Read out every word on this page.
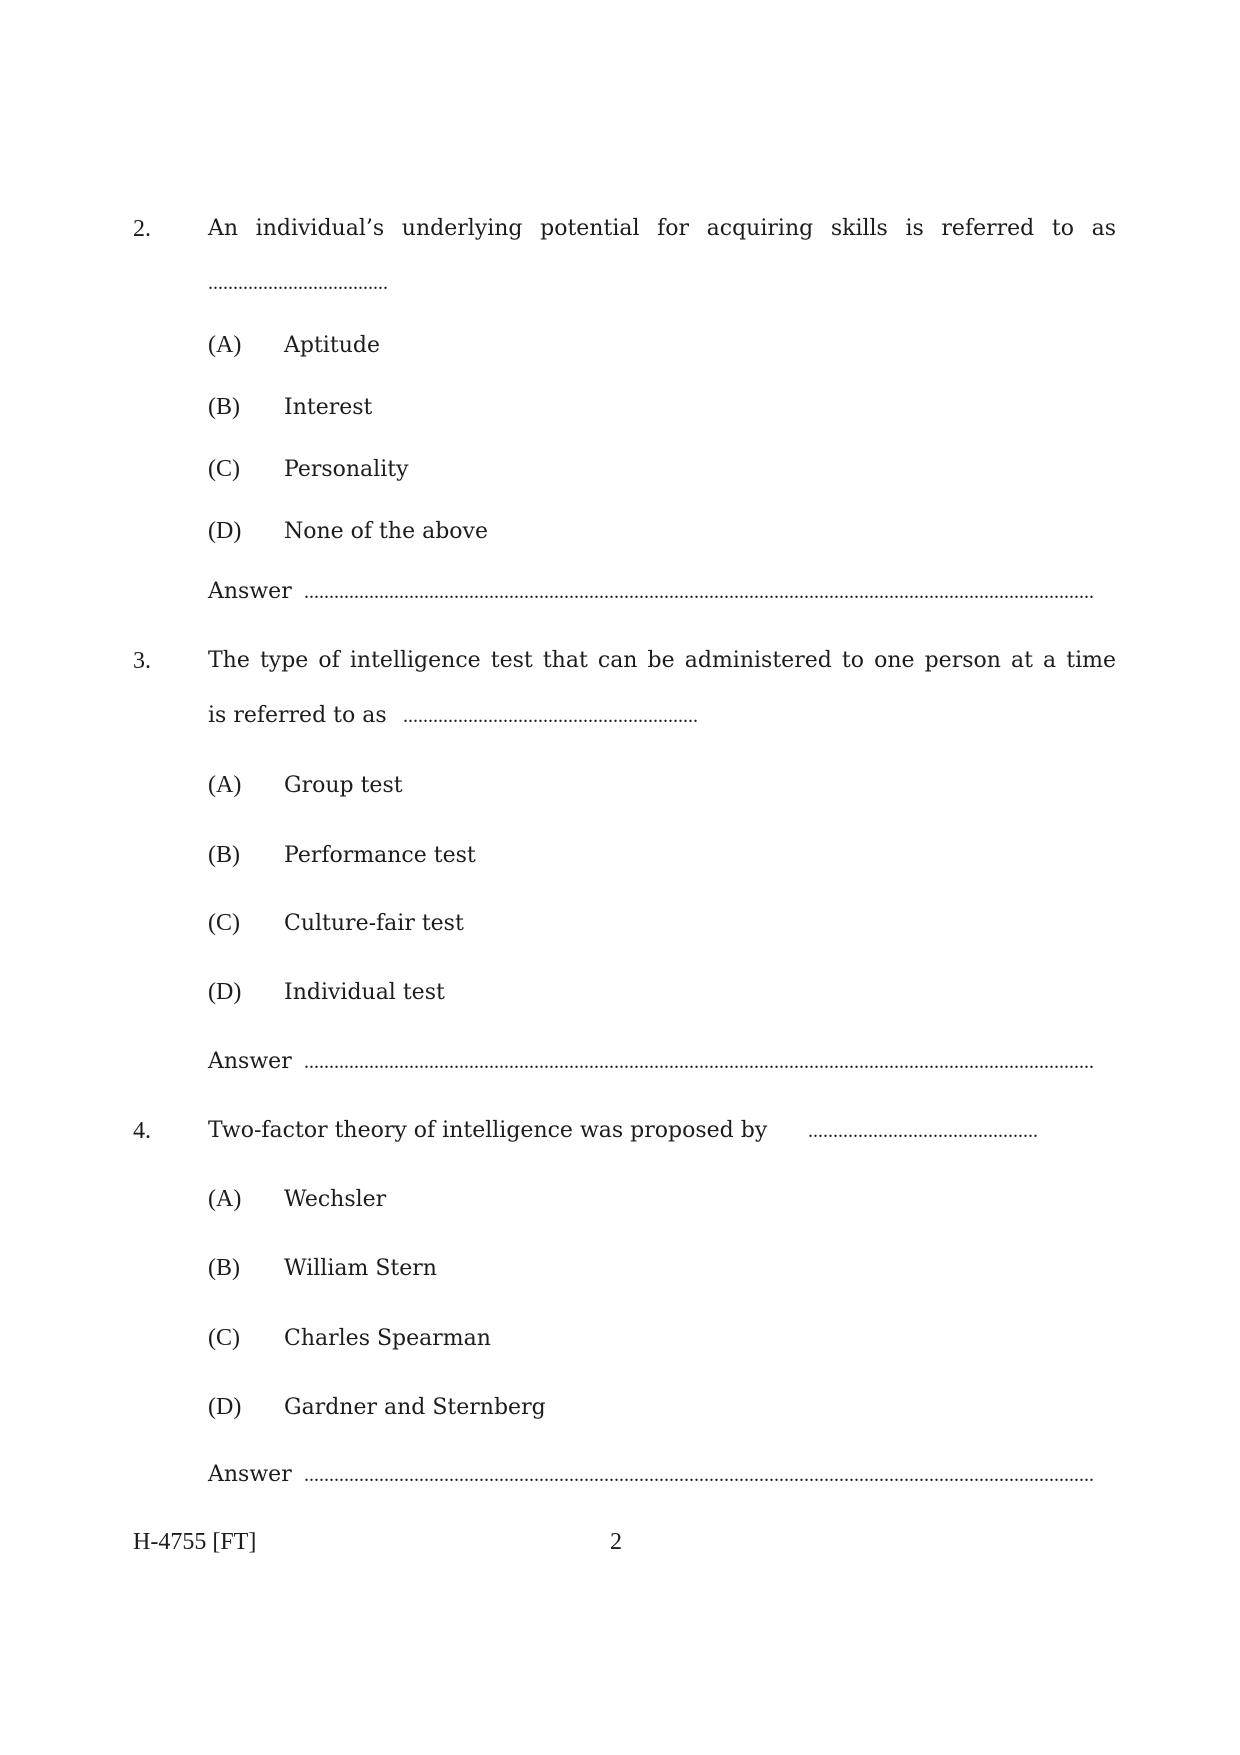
2.	An individual’s underlying potential for acquiring skills is referred to as
....................................
(A) Aptitude
(B) Interest
(C) Personality
(D) None of the above
Answer ..............................................................................................................................................................
3.	The type of intelligence test that can be administered to one person at a time
is referred to as ...........................................................
(A) Group test
(B) Performance test
(C) Culture-fair test
(D) Individual test
Answer ..............................................................................................................................................................
4.	Two-factor theory of intelligence was proposed by ..............................................
(A) Wechsler
(B) William Stern
(C) Charles Spearman
(D) Gardner and Sternberg
Answer ..............................................................................................................................................................
H-4755 [FT]	2
